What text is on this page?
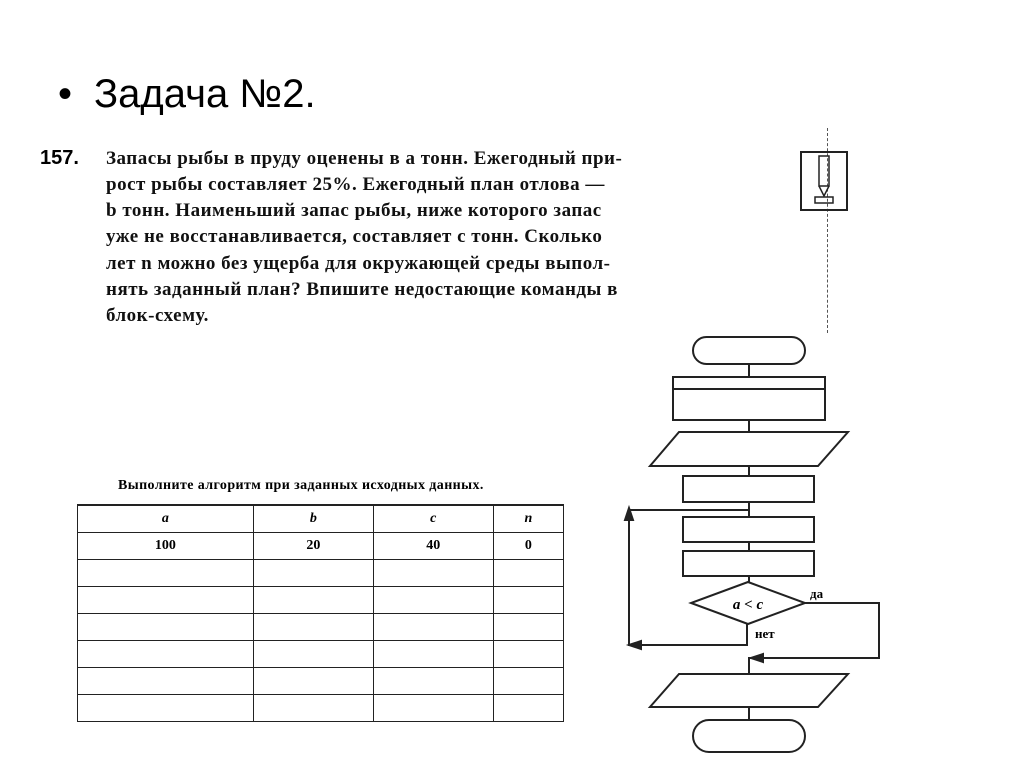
• Задача №2.
157. Запасы рыбы в пруду оценены в a тонн. Ежегодный при-
рост рыбы составляет 25%. Ежегодный план отлова —
b тонн. Наименьший запас рыбы, ниже которого запас
уже не восстанавливается, составляет c тонн. Сколько
лет n можно без ущерба для окружающей среды выпол-
нять заданный план? Впишите недостающие команды в
блок-схему.
Выполните алгоритм при заданных исходных данных.
a	b	c	n
100	20	40	0

a < c
да
нет
